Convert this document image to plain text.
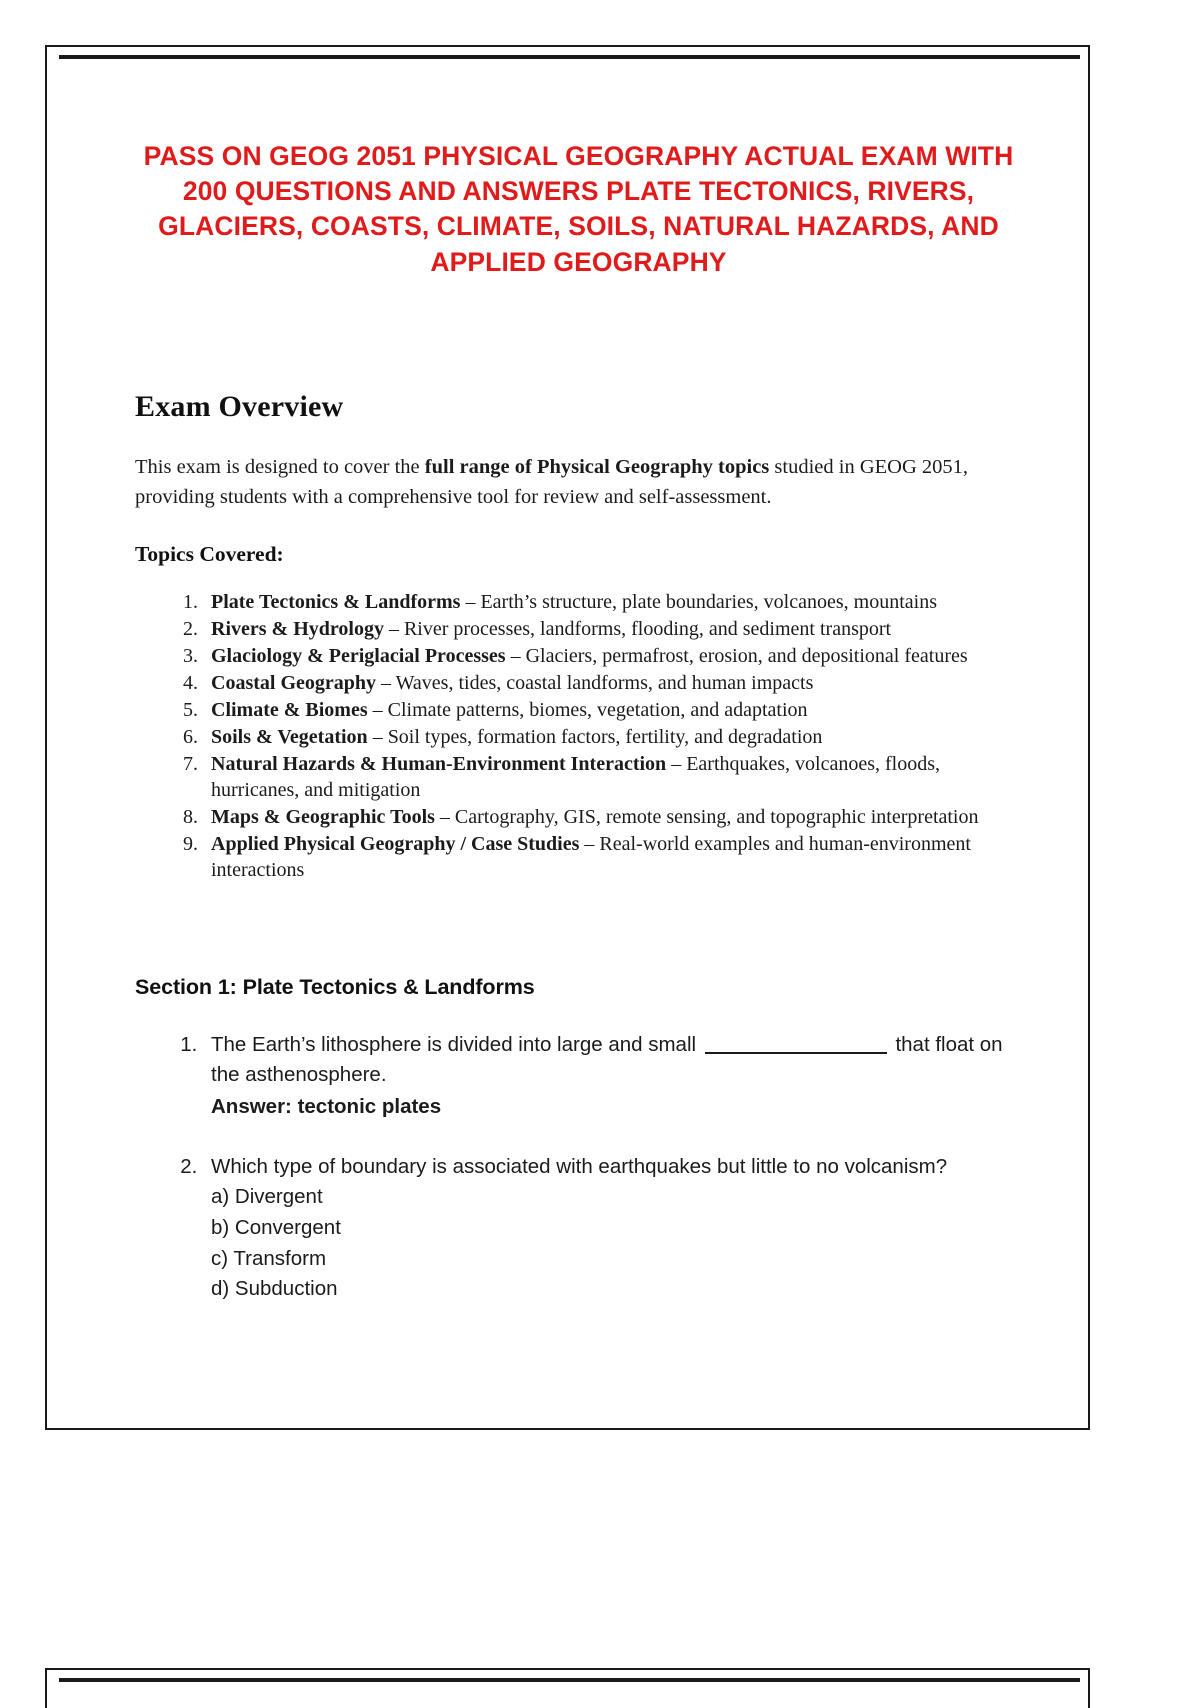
PASS ON GEOG 2051 PHYSICAL GEOGRAPHY ACTUAL EXAM WITH 200 QUESTIONS AND ANSWERS PLATE TECTONICS, RIVERS, GLACIERS, COASTS, CLIMATE, SOILS, NATURAL HAZARDS, AND APPLIED GEOGRAPHY
Exam Overview

This exam is designed to cover the full range of Physical Geography topics studied in GEOG 2051, providing students with a comprehensive tool for review and self-assessment.

Topics Covered:
1. Plate Tectonics & Landforms – Earth’s structure, plate boundaries, volcanoes, mountains
2. Rivers & Hydrology – River processes, landforms, flooding, and sediment transport
3. Glaciology & Periglacial Processes – Glaciers, permafrost, erosion, and depositional features
4. Coastal Geography – Waves, tides, coastal landforms, and human impacts
5. Climate & Biomes – Climate patterns, biomes, vegetation, and adaptation
6. Soils & Vegetation – Soil types, formation factors, fertility, and degradation
7. Natural Hazards & Human-Environment Interaction – Earthquakes, volcanoes, floods, hurricanes, and mitigation
8. Maps & Geographic Tools – Cartography, GIS, remote sensing, and topographic interpretation
9. Applied Physical Geography / Case Studies – Real-world examples and human-environment interactions
Section 1: Plate Tectonics & Landforms
1. The Earth’s lithosphere is divided into large and small	that float on the asthenosphere.
Answer: tectonic plates
2. Which type of boundary is associated with earthquakes but little to no volcanism?
a) Divergent
b) Convergent
c) Transform
d) Subduction
